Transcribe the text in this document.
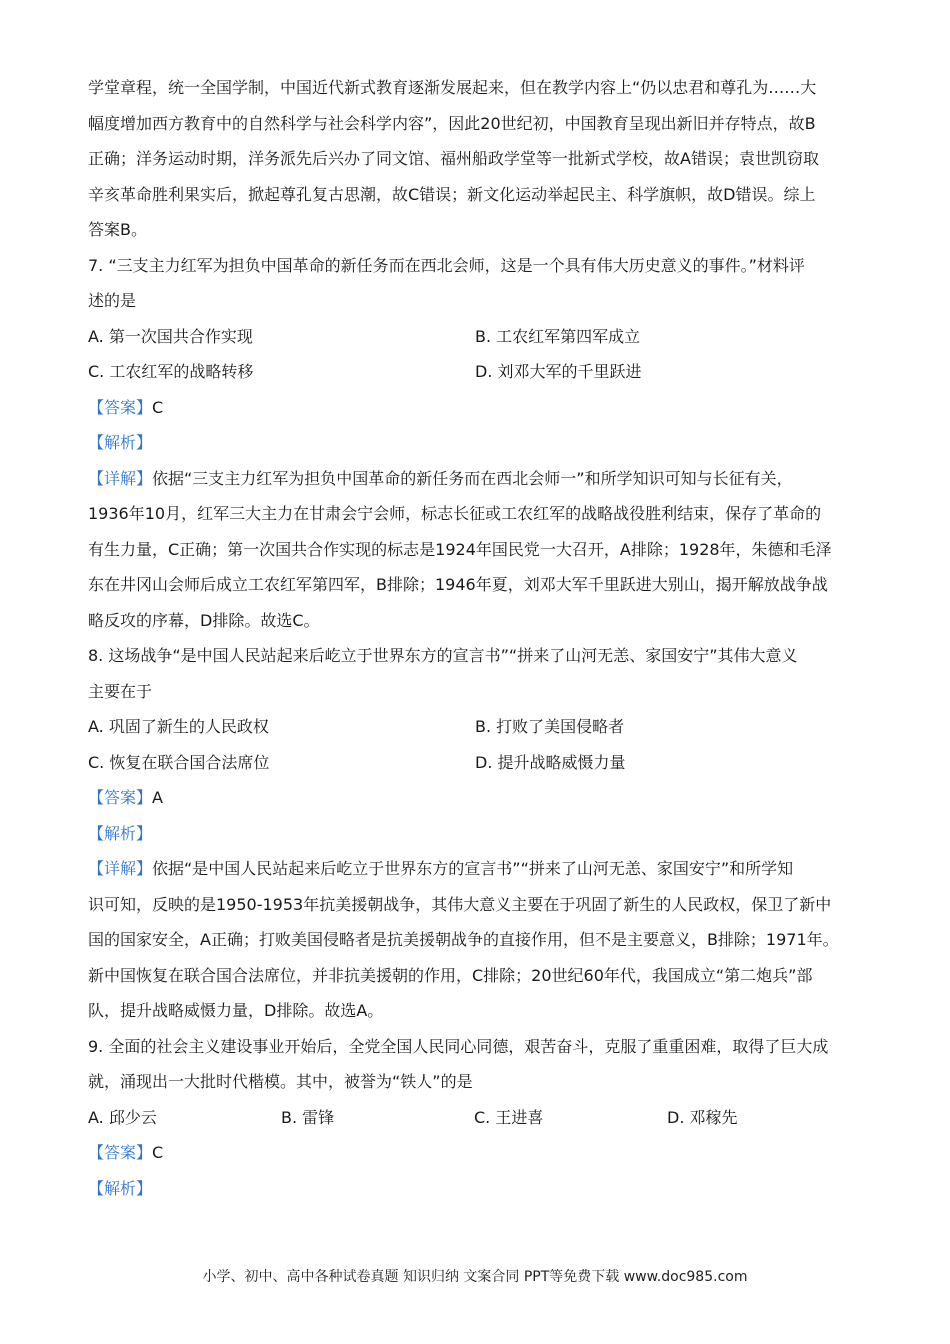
学堂章程，统一全国学制，中国近代新式教育逐渐发展起来，但在教学内容上“仍以忠君和尊孔为……大
幅度增加西方教育中的自然科学与社会科学内容”，因此20世纪初，中国教育呈现出新旧并存特点，故B
正确；洋务运动时期，洋务派先后兴办了同文馆、福州船政学堂等一批新式学校，故A错误；袁世凯窃取
辛亥革命胜利果实后，掀起尊孔复古思潮，故C错误；新文化运动举起民主、科学旗帜，故D错误。综上
答案B。
7. “三支主力红军为担负中国革命的新任务而在西北会师，这是一个具有伟大历史意义的事件。”材料评
述的是
A. 第一次国共合作实现	B. 工农红军第四军成立
C. 工农红军的战略转移	D. 刘邓大军的千里跃进
【答案】C
【解析】
【详解】依据“三支主力红军为担负中国革命的新任务而在西北会师一”和所学知识可知与长征有关，
1936年10月，红军三大主力在甘肃会宁会师，标志长征或工农红军的战略战役胜利结束，保存了革命的
有生力量，C正确；第一次国共合作实现的标志是1924年国民党一大召开，A排除；1928年，朱德和毛泽
东在井冈山会师后成立工农红军第四军，B排除；1946年夏，刘邓大军千里跃进大别山，揭开解放战争战
略反攻的序幕，D排除。故选C。
8. 这场战争“是中国人民站起来后屹立于世界东方的宣言书”“拼来了山河无恙、家国安宁”其伟大意义
主要在于
A. 巩固了新生的人民政权	B. 打败了美国侵略者
C. 恢复在联合国合法席位	D. 提升战略威慑力量
【答案】A
【解析】
【详解】依据“是中国人民站起来后屹立于世界东方的宣言书”“拼来了山河无恙、家国安宁”和所学知
识可知，反映的是1950-1953年抗美援朝战争，其伟大意义主要在于巩固了新生的人民政权，保卫了新中
国的国家安全，A正确；打败美国侵略者是抗美援朝战争的直接作用，但不是主要意义，B排除；1971年。
新中国恢复在联合国合法席位，并非抗美援朝的作用，C排除；20世纪60年代，我国成立“第二炮兵”部
队，提升战略威慑力量，D排除。故选A。
9. 全面的社会主义建设事业开始后，全党全国人民同心同德，艰苦奋斗，克服了重重困难，取得了巨大成
就，涌现出一大批时代楷模。其中，被誉为“铁人”的是
A. 邱少云	B. 雷锋	C. 王进喜	D. 邓稼先
【答案】C
【解析】
小学、初中、高中各种试卷真题 知识归纳 文案合同 PPT等免费下载 www.doc985.com
